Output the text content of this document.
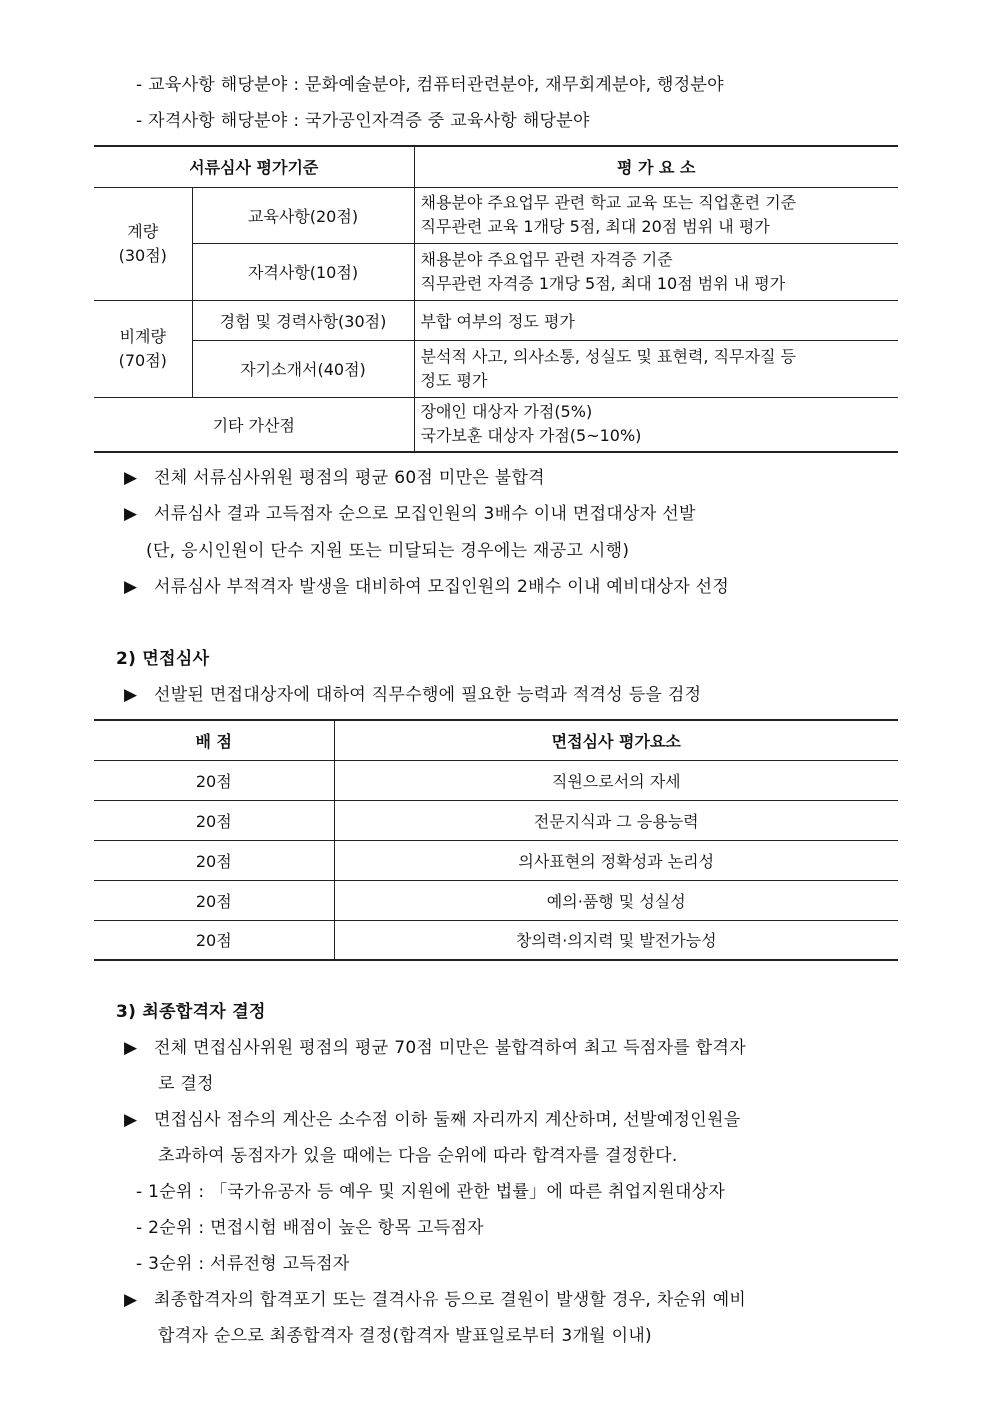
- 교육사항 해당분야 : 문화예술분야, 컴퓨터관련분야, 재무회계분야, 행정분야
- 자격사항 해당분야 : 국가공인자격증 중 교육사항 해당분야
서류심사 평가기준		평 가 요 소
계량
(30점)	교육사항(20점)	채용분야 주요업무 관련 학교 교육 또는 직업훈련 기준
직무관련 교육 1개당 5점, 최대 20점 범위 내 평가
	자격사항(10점)	채용분야 주요업무 관련 자격증 기준
직무관련 자격증 1개당 5점, 최대 10점 범위 내 평가
비계량
(70점)	경험 및 경력사항(30점)	부합 여부의 정도 평가
	자기소개서(40점)	분석적 사고, 의사소통, 성실도 및 표현력, 직무자질 등
정도 평가
기타 가산점		장애인 대상자 가점(5%)
국가보훈 대상자 가점(5~10%)
▶ 전체 서류심사위원 평점의 평균 60점 미만은 불합격
▶ 서류심사 결과 고득점자 순으로 모집인원의 3배수 이내 면접대상자 선발
(단, 응시인원이 단수 지원 또는 미달되는 경우에는 재공고 시행)
▶ 서류심사 부적격자 발생을 대비하여 모집인원의 2배수 이내 예비대상자 선정
2) 면접심사
▶ 선발된 면접대상자에 대하여 직무수행에 필요한 능력과 적격성 등을 검정
배 점	면접심사 평가요소
20점	직원으로서의 자세
20점	전문지식과 그 응용능력
20점	의사표현의 정확성과 논리성
20점	예의·품행 및 성실성
20점	창의력·의지력 및 발전가능성
3) 최종합격자 결정
▶ 전체 면접심사위원 평점의 평균 70점 미만은 불합격하여 최고 득점자를 합격자
로 결정
▶ 면접심사 점수의 계산은 소수점 이하 둘째 자리까지 계산하며, 선발예정인원을
초과하여 동점자가 있을 때에는 다음 순위에 따라 합격자를 결정한다.
- 1순위 : 「국가유공자 등 예우 및 지원에 관한 법률」에 따른 취업지원대상자
- 2순위 : 면접시험 배점이 높은 항목 고득점자
- 3순위 : 서류전형 고득점자
▶ 최종합격자의 합격포기 또는 결격사유 등으로 결원이 발생할 경우, 차순위 예비
합격자 순으로 최종합격자 결정(합격자 발표일로부터 3개월 이내)
